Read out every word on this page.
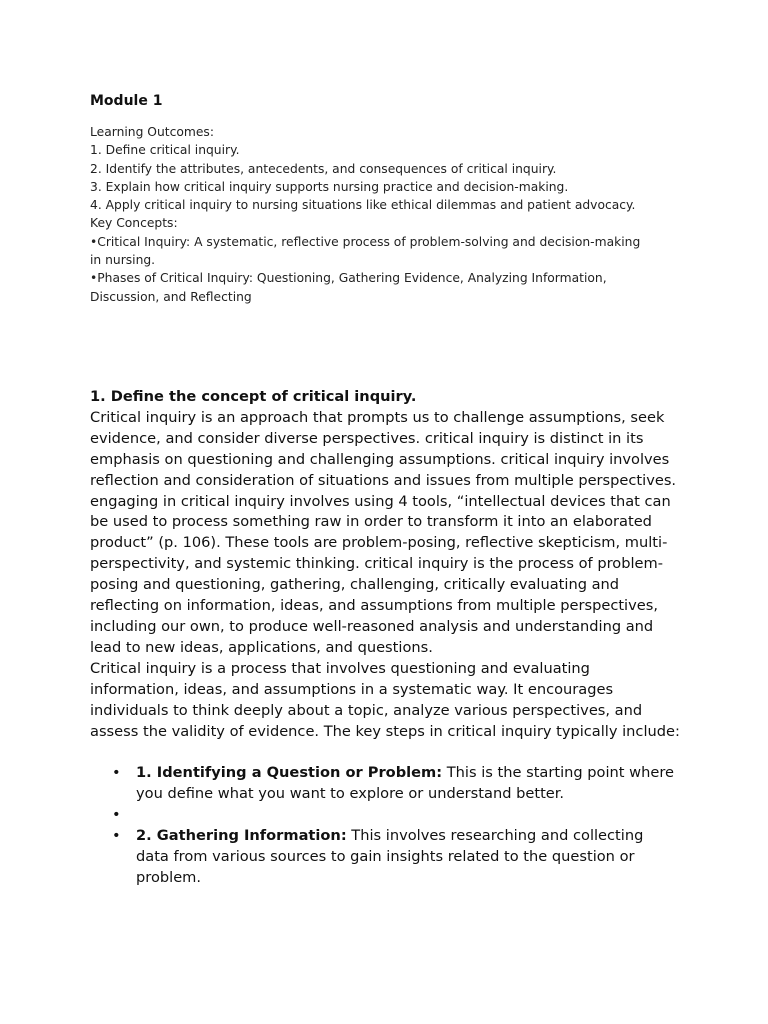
Module 1
Learning Outcomes:
1. Define critical inquiry.
2. Identify the attributes, antecedents, and consequences of critical inquiry.
3. Explain how critical inquiry supports nursing practice and decision-making.
4. Apply critical inquiry to nursing situations like ethical dilemmas and patient advocacy.
Key Concepts:
•Critical Inquiry: A systematic, reflective process of problem-solving and decision-making in nursing.
•Phases of Critical Inquiry: Questioning, Gathering Evidence, Analyzing Information, Discussion, and Reflecting
1. Define the concept of critical inquiry.

Critical inquiry is an approach that prompts us to challenge assumptions, seek evidence, and consider diverse perspectives. critical inquiry is distinct in its emphasis on questioning and challenging assumptions. critical inquiry involves reflection and consideration of situations and issues from multiple perspectives. engaging in critical inquiry involves using 4 tools, “intellectual devices that can be used to process something raw in order to transform it into an elaborated product” (p. 106). These tools are problem-posing, reflective skepticism, multi-perspectivity, and systemic thinking. critical inquiry is the process of problem-posing and questioning, gathering, challenging, critically evaluating and reflecting on information, ideas, and assumptions from multiple perspectives, including our own, to produce well-reasoned analysis and understanding and lead to new ideas, applications, and questions.

Critical inquiry is a process that involves questioning and evaluating information, ideas, and assumptions in a systematic way. It encourages individuals to think deeply about a topic, analyze various perspectives, and assess the validity of evidence. The key steps in critical inquiry typically include:

• 1. Identifying a Question or Problem: This is the starting point where you define what you want to explore or understand better.
•

• 2. Gathering Information: This involves researching and collecting data from various sources to gain insights related to the question or problem.
